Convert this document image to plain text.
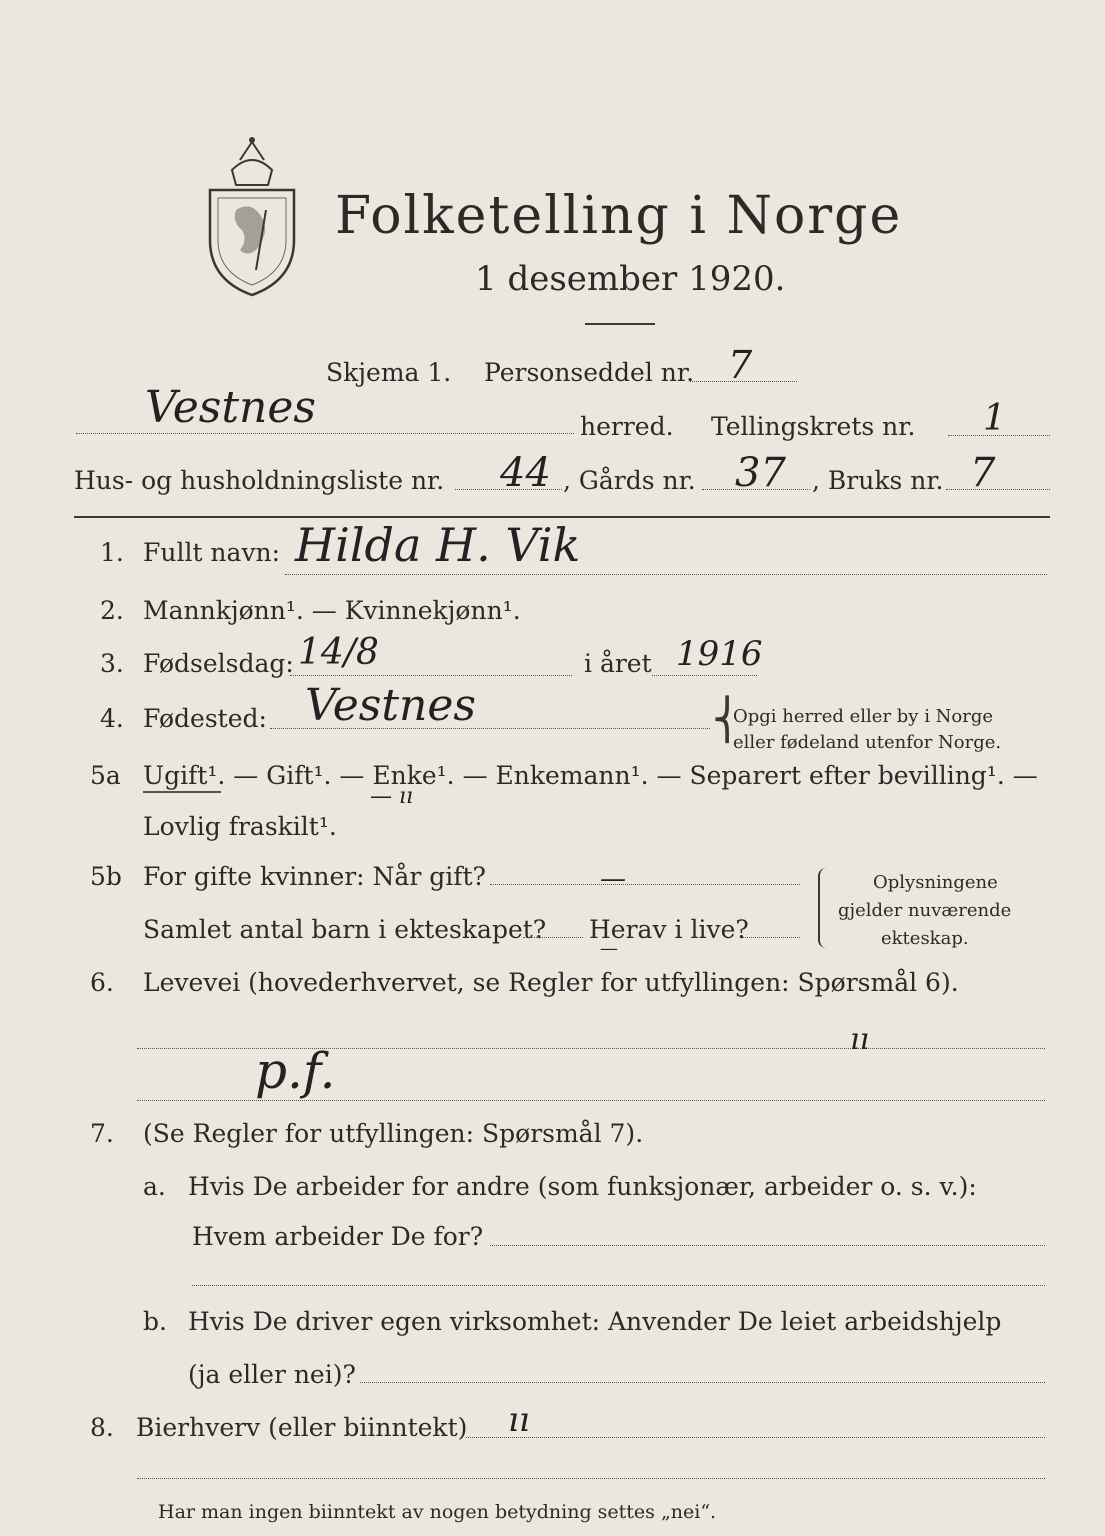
Folketelling i Norge
1 desember 1920.
Skjema 1. Personseddel nr. 7
Vestnes	herred. Tellingskrets nr. 1
Hus- og husholdningsliste nr. 44 , Gårds nr. 37 , Bruks nr. 7
1. Fullt navn: Hilda H. Vik
2. Mannkjønn¹. — Kvinnekjønn¹.
3. Fødselsdag: 14/8	i året 1916
4. Fødested: Vestnes	⎨
Opgi herred eller by i Norge
eller fødeland utenfor Norge.
5a Ugift¹. — Gift¹. — Enke¹. — Enkemann¹. — Separert efter bevilling¹. —
Lovlig fraskilt¹.
— ıı
5b For gifte kvinner: Når gift?	—
Samlet antal barn i ekteskapet? Herav i live?
—
Oplysningene
gjelder nuværende
ekteskap.
6. Levevei (hovederhvervet, se Regler for utfyllingen: Spørsmål 6).
ıı
p.f.
7. (Se Regler for utfyllingen: Spørsmål 7).
a. Hvis De arbeider for andre (som funksjonær, arbeider o. s. v.):
Hvem arbeider De for?
b. Hvis De driver egen virksomhet: Anvender De leiet arbeidshjelp
(ja eller nei)?
8. Bierhverv (eller biinntekt) ıı
Har man ingen biinntekt av nogen betydning settes „nei“.
